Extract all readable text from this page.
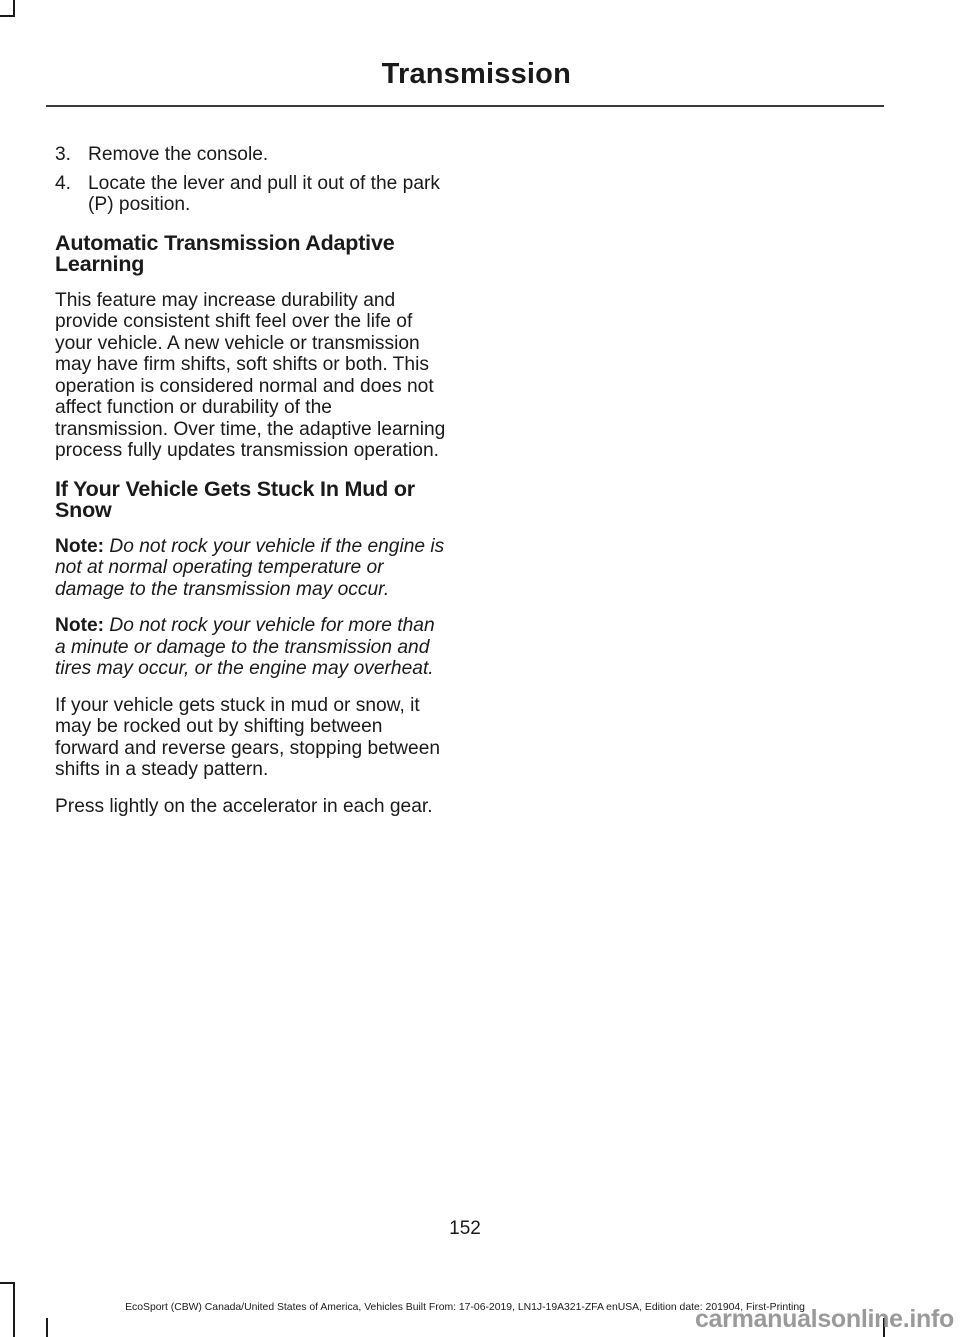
Transmission
3. Remove the console.
4. Locate the lever and pull it out of the park (P) position.
Automatic Transmission Adaptive Learning

This feature may increase durability and provide consistent shift feel over the life of your vehicle. A new vehicle or transmission may have firm shifts, soft shifts or both. This operation is considered normal and does not affect function or durability of the transmission. Over time, the adaptive learning process fully updates transmission operation.

If Your Vehicle Gets Stuck In Mud or Snow

Note: Do not rock your vehicle if the engine is not at normal operating temperature or damage to the transmission may occur.

Note: Do not rock your vehicle for more than a minute or damage to the transmission and tires may occur, or the engine may overheat.

If your vehicle gets stuck in mud or snow, it may be rocked out by shifting between forward and reverse gears, stopping between shifts in a steady pattern.

Press lightly on the accelerator in each gear.

152
EcoSport (CBW) Canada/United States of America, Vehicles Built From: 17-06-2019, LN1J-19A321-ZFA enUSA, Edition date: 201904, First-Printing
carmanualsonline.info
